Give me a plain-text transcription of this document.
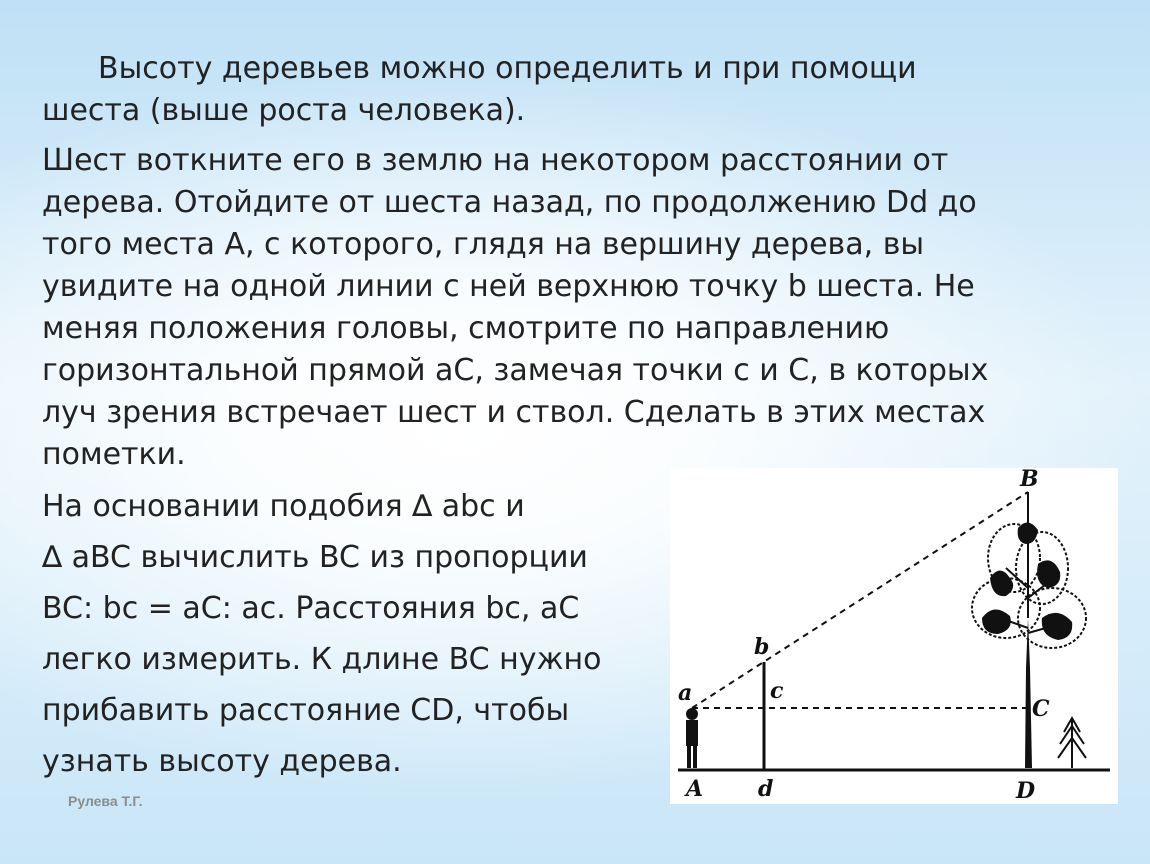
Высоту деревьев можно определить и при помощи
шеста (выше роста человека).

Шест воткните его в землю на некотором расстоянии от
дерева. Отойдите от шеста назад, по продолжению Dd до
того места А, с которого, глядя на вершину дерева, вы
увидите на одной линии с ней верхнюю точку b шеста. Не
меняя положения головы, смотрите по направлению
горизонтальной прямой aC, замечая точки с и С, в которых
луч зрения встречает шест и ствол. Сделать в этих местах
пометки.

На основании подобия ∆ abc и
∆ aBC вычислить BC из пропорции
BC: bc = aC: ac. Расстояния bc, aC
легко измерить. К длине BC нужно
прибавить расстояние CD, чтобы
узнать высоту дерева.

Рулева Т.Г.
B
b
a	c
C
A d	D
